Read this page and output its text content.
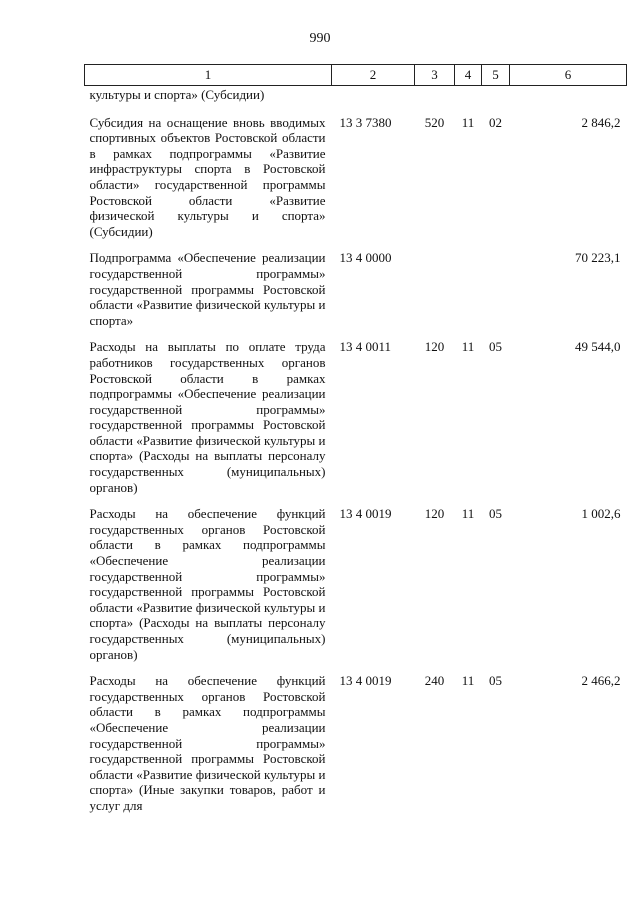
990
1	2	3	4	5	6
культуры и спорта» (Субсидии)					
Субсидия на оснащение вновь вводимых спортивных объектов Ростовской области в рамках подпрограммы «Развитие инфраструктуры спорта в Ростовской области» государственной программы Ростовской области «Развитие физической культуры и спорта» (Субсидии)	13 3 7380	520	11	02	2 846,2
Подпрограмма «Обеспечение реализации государственной программы» государственной программы Ростовской области «Развитие физической культуры и спорта»	13 4 0000				70 223,1
Расходы на выплаты по оплате труда работников государственных органов Ростовской области в рамках подпрограммы «Обеспечение реализации государственной программы» государственной программы Ростовской области «Развитие физической культуры и спорта» (Расходы на выплаты персоналу государственных (муниципальных) органов)	13 4 0011	120	11	05	49 544,0
Расходы на обеспечение функций государственных органов Ростовской области в рамках подпрограммы «Обеспечение реализации государственной программы» государственной программы Ростовской области «Развитие физической культуры и спорта» (Расходы на выплаты персоналу государственных (муниципальных) органов)	13 4 0019	120	11	05	1 002,6
Расходы на обеспечение функций государственных органов Ростовской области в рамках подпрограммы «Обеспечение реализации государственной программы» государственной программы Ростовской области «Развитие физической культуры и спорта» (Иные закупки товаров, работ и услуг для	13 4 0019	240	11	05	2 466,2
